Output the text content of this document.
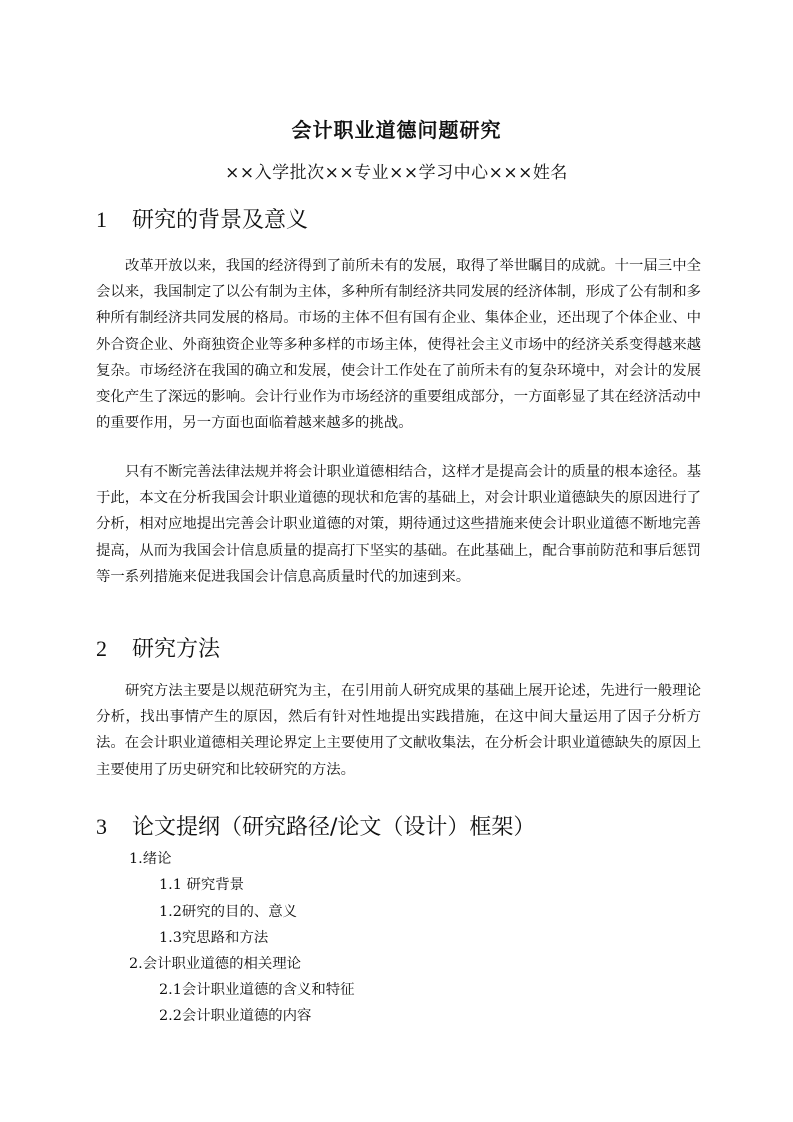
会计职业道德问题研究
××入学批次××专业××学习中心×××姓名
1	研究的背景及意义

改革开放以来，我国的经济得到了前所未有的发展，取得了举世瞩目的成就。十一届三中全会以来，我国制定了以公有制为主体，多种所有制经济共同发展的经济体制，形成了公有制和多种所有制经济共同发展的格局。市场的主体不但有国有企业、集体企业，还出现了个体企业、中外合资企业、外商独资企业等多种多样的市场主体，使得社会主义市场中的经济关系变得越来越复杂。市场经济在我国的确立和发展，使会计工作处在了前所未有的复杂环境中，对会计的发展变化产生了深远的影响。会计行业作为市场经济的重要组成部分，一方面彰显了其在经济活动中的重要作用，另一方面也面临着越来越多的挑战。

只有不断完善法律法规并将会计职业道德相结合，这样才是提高会计的质量的根本途径。基于此，本文在分析我国会计职业道德的现状和危害的基础上，对会计职业道德缺失的原因进行了分析，相对应地提出完善会计职业道德的对策，期待通过这些措施来使会计职业道德不断地完善提高，从而为我国会计信息质量的提高打下坚实的基础。在此基础上，配合事前防范和事后惩罚等一系列措施来促进我国会计信息高质量时代的加速到来。

2	研究方法

研究方法主要是以规范研究为主，在引用前人研究成果的基础上展开论述，先进行一般理论分析，找出事情产生的原因，然后有针对性地提出实践措施，在这中间大量运用了因子分析方法。在会计职业道德相关理论界定上主要使用了文献收集法，在分析会计职业道德缺失的原因上主要使用了历史研究和比较研究的方法。

3	论文提纲（研究路径/论文（设计）框架）
1.绪论
1.1 研究背景
1.2研究的目的、意义
1.3究思路和方法
2.会计职业道德的相关理论
2.1会计职业道德的含义和特征
2.2会计职业道德的内容
